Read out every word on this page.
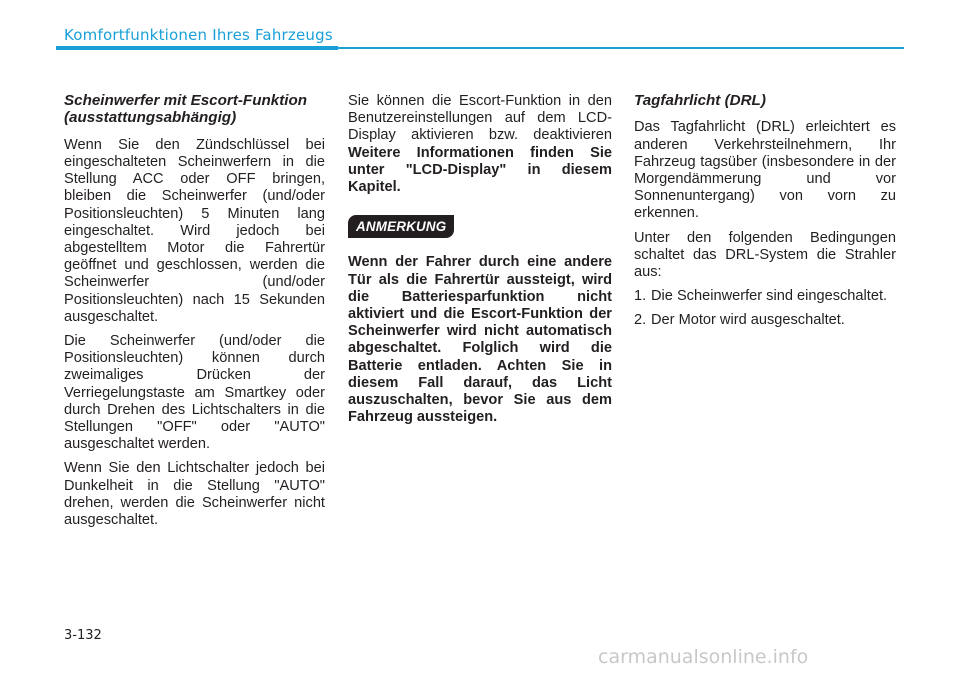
Komfortfunktionen Ihres Fahrzeugs
Scheinwerfer mit Escort-Funktion (ausstattungsabhängig)

Wenn Sie den Zündschlüssel bei eingeschalteten Scheinwerfern in die Stellung ACC oder OFF bringen, bleiben die Scheinwerfer (und/oder Positionsleuchten) 5 Minuten lang eingeschaltet. Wird jedoch bei abgestelltem Motor die Fahrertür geöffnet und geschlossen, werden die Scheinwerfer (und/oder Positionsleuchten) nach 15 Sekunden ausgeschaltet.

Die Scheinwerfer (und/oder die Positionsleuchten) können durch zweimaliges Drücken der Verriegelungstaste am Smartkey oder durch Drehen des Lichtschalters in die Stellungen "OFF" oder "AUTO" ausgeschaltet werden.

Wenn Sie den Lichtschalter jedoch bei Dunkelheit in die Stellung "AUTO" drehen, werden die Scheinwerfer nicht ausgeschaltet.

Sie können die Escort-Funktion in den Benutzereinstellungen auf dem LCD-Display aktivieren bzw. deaktivieren Weitere Informationen finden Sie unter "LCD-Display" in diesem Kapitel.

ANMERKUNG

Wenn der Fahrer durch eine andere Tür als die Fahrertür aussteigt, wird die Batteriesparfunktion nicht aktiviert und die Escort-Funktion der Scheinwerfer wird nicht automatisch abgeschaltet. Folglich wird die Batterie entladen. Achten Sie in diesem Fall darauf, das Licht auszuschalten, bevor Sie aus dem Fahrzeug aussteigen.

Tagfahrlicht (DRL)

Das Tagfahrlicht (DRL) erleichtert es anderen Verkehrsteilnehmern, Ihr Fahrzeug tagsüber (insbesondere in der Morgendämmerung und vor Sonnenuntergang) von vorn zu erkennen.

Unter den folgenden Bedingungen schaltet das DRL-System die Strahler aus:

1. Die Scheinwerfer sind eingeschaltet.
2. Der Motor wird ausgeschaltet.
3-132
carmanualsonline.info
